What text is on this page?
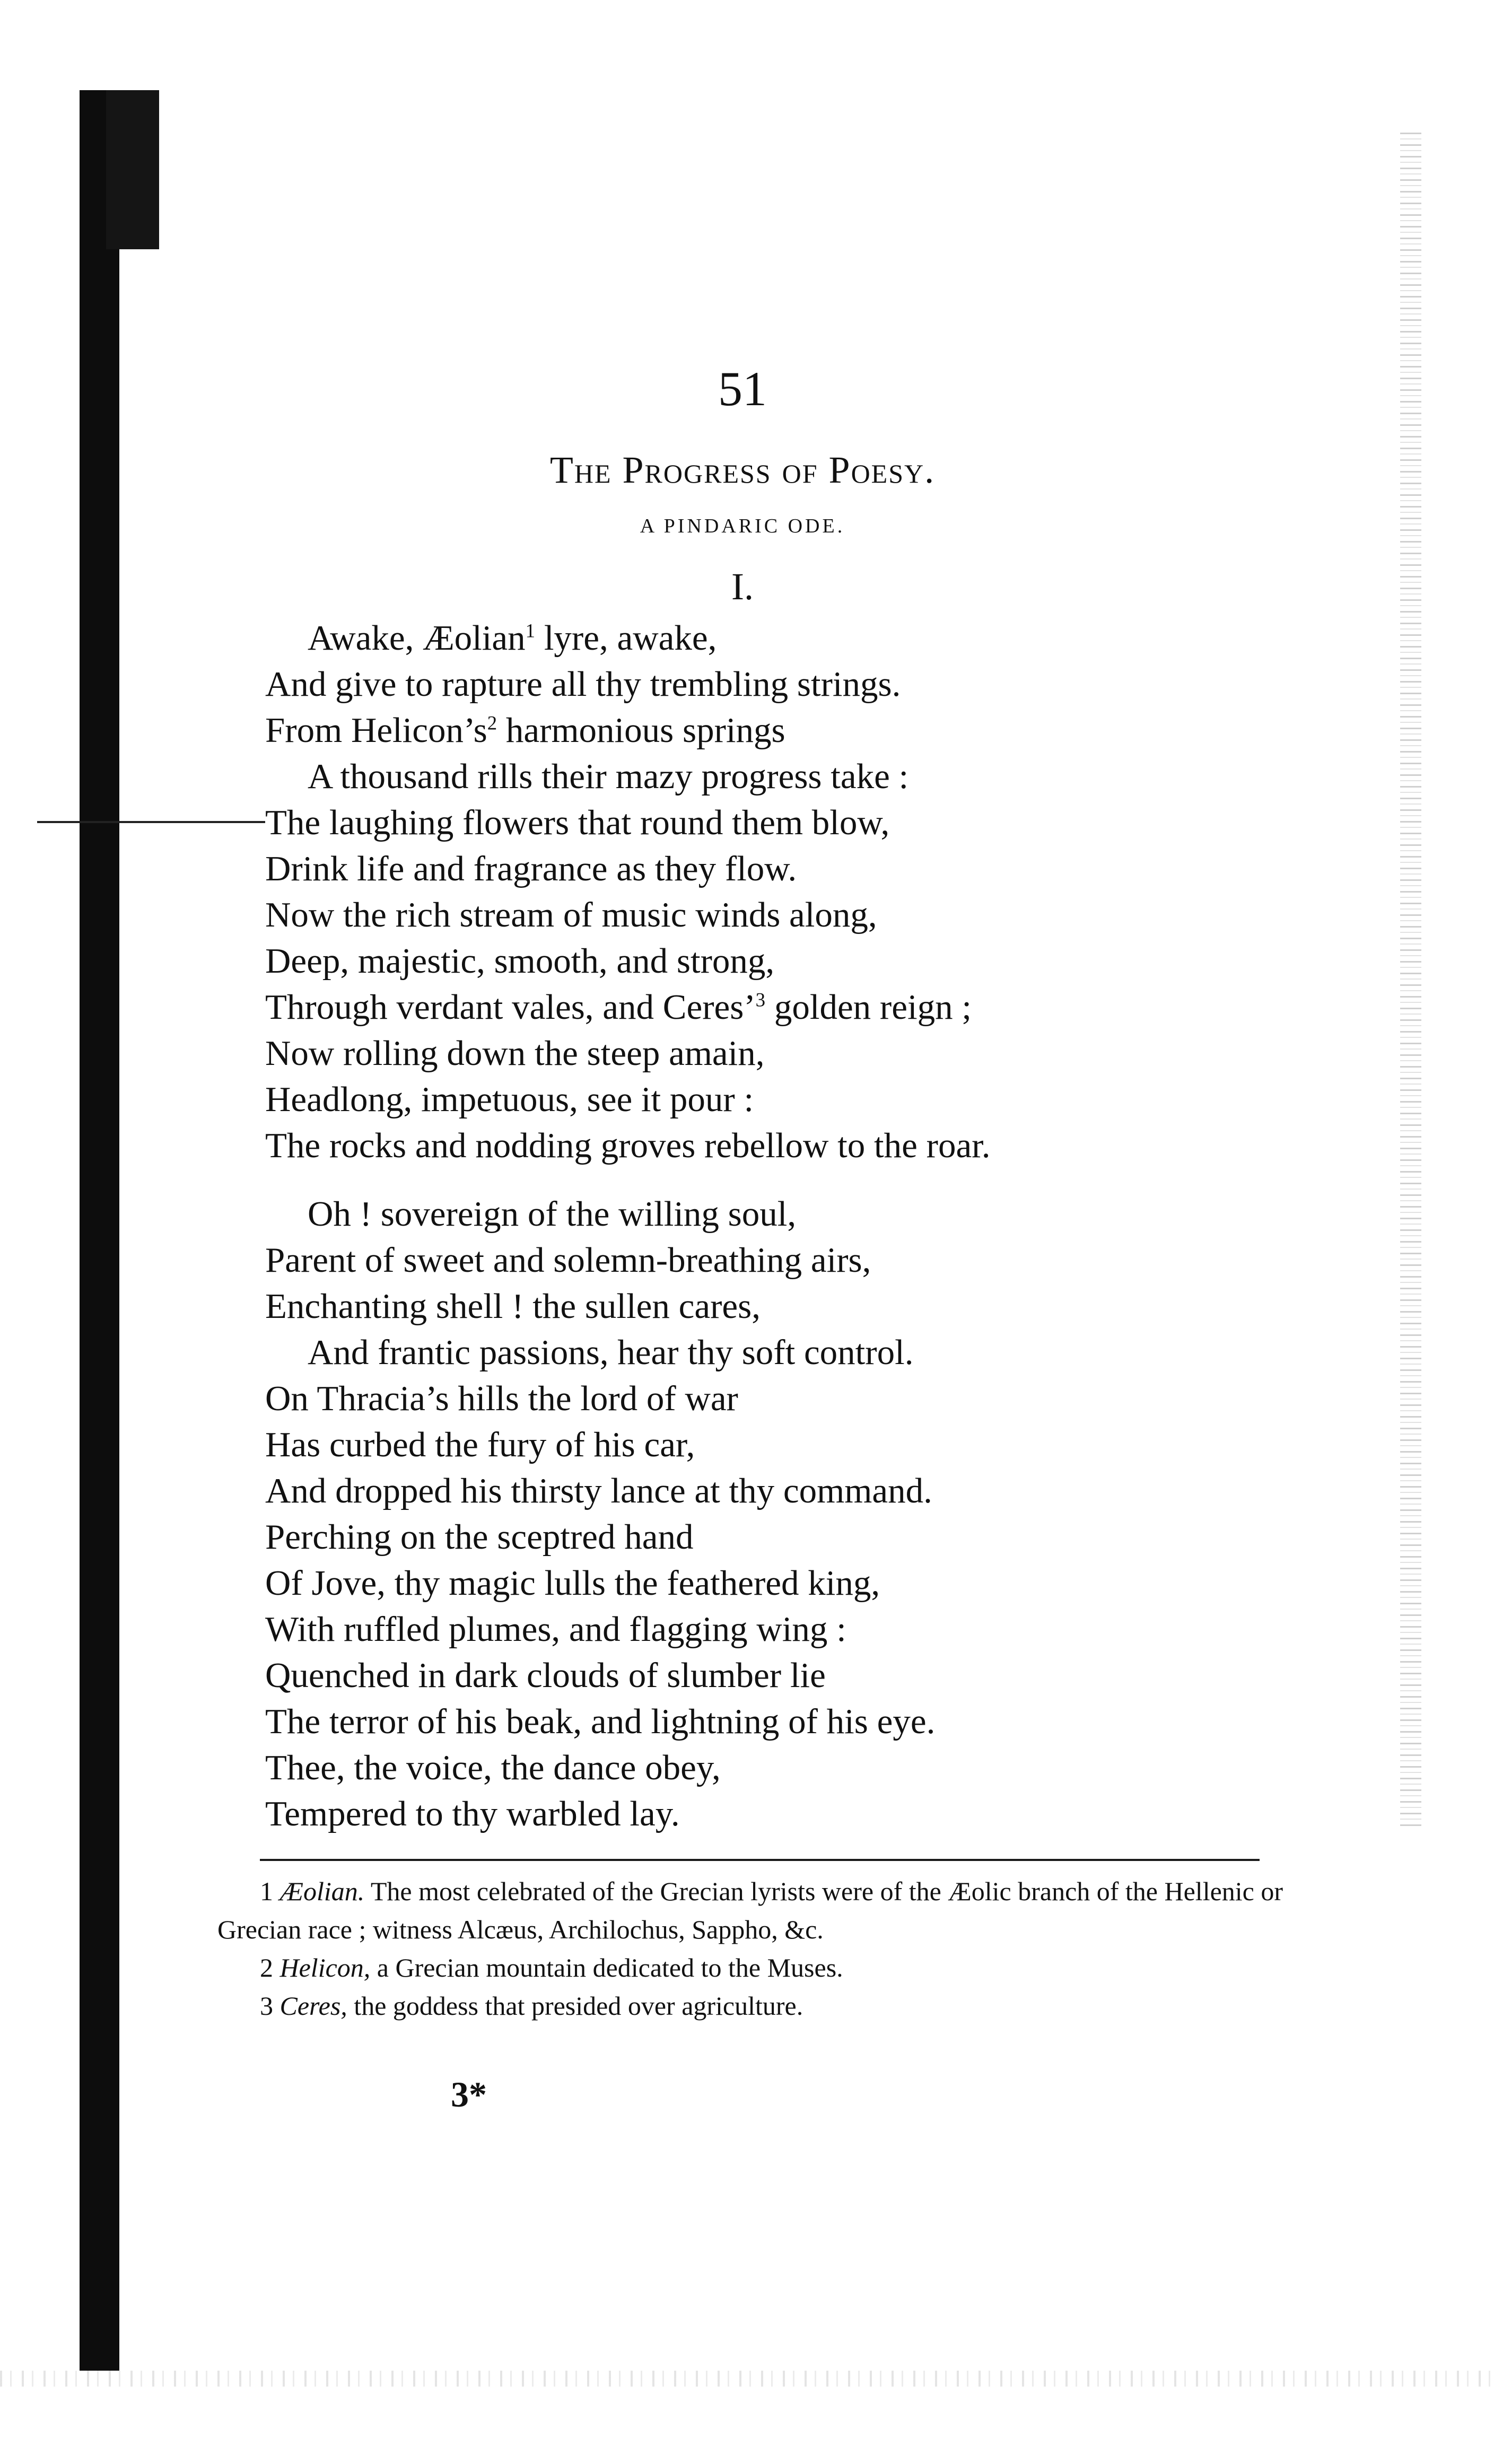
51
The Progress of Poesy.
A PINDARIC ODE.
I.
Awake, Æolian$^1$ lyre, awake,
And give to rapture all thy trembling strings.
From $Helicon’s^2$ harmonious springs
A thousand rills their mazy progress take :
The laughing flowers that round them blow,
Drink life and fragrance as they flow.
Now the rich stream of music winds along,
Deep, majestic, smooth, and strong,
Through verdant vales, and Ceres’$^3$ golden reign ;
Now rolling down the steep amain,
Headlong, impetuous, see it pour :
The rocks and nodding groves rebellow to the roar.
Oh ! sovereign of the willing soul,
Parent of sweet and solemn-breathing airs,
Enchanting shell ! the sullen cares,
And frantic passions, hear thy soft control.
On Thracia’s hills the lord of war
Has curbed the fury of his car,
And dropped his thirsty lance at thy command.
Perching on the sceptred hand
Of Jove, thy magic lulls the feathered king,
With ruffled plumes, and flagging wing :
Quenched in dark clouds of slumber lie
The terror of his beak, and lightning of his eye.
Thee, the voice, the dance obey,
Tempered to thy warbled lay.
1 Æolian. The most celebrated of the Grecian lyrists were of the Æolic branch of the Hellenic or Grecian race ; witness Alcæus, Archilochus, Sappho, &c.
2 Helicon, a Grecian mountain dedicated to the Muses.
3 Ceres, the goddess that presided over agriculture.
3*
